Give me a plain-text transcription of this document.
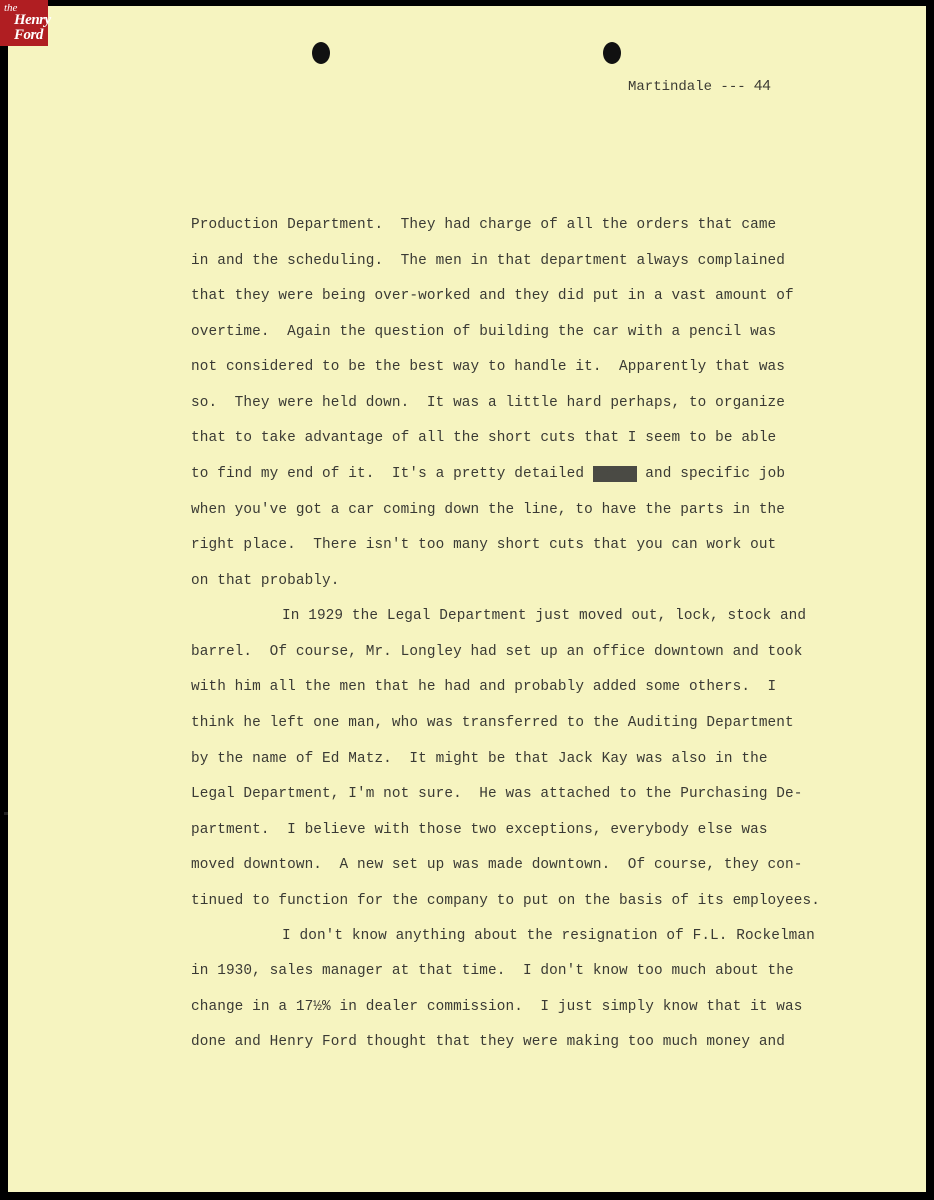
the
Henry
Ford
Martindale --- 44
Production Department.  They had charge of all the orders that came
in and the scheduling.  The men in that department always complained
that they were being over-worked and they did put in a vast amount of
overtime.  Again the question of building the car with a pencil was
not considered to be the best way to handle it.  Apparently that was
so.  They were held down.  It was a little hard perhaps, to organize
that to take advantage of all the short cuts that I seem to be able
to find my end of it.  It's a pretty detailed mdmdd and specific job
when you've got a car coming down the line, to have the parts in the
right place.  There isn't too many short cuts that you can work out
on that probably.
In 1929 the Legal Department just moved out, lock, stock and
barrel.  Of course, Mr. Longley had set up an office downtown and took
with him all the men that he had and probably added some others.  I
think he left one man, who was transferred to the Auditing Department
by the name of Ed Matz.  It might be that Jack Kay was also in the
Legal Department, I'm not sure.  He was attached to the Purchasing De-
partment.  I believe with those two exceptions, everybody else was
moved downtown.  A new set up was made downtown.  Of course, they con-
tinued to function for the company to put on the basis of its employees.
I don't know anything about the resignation of F.L. Rockelman
in 1930, sales manager at that time.  I don't know too much about the
change in a 17½% in dealer commission.  I just simply know that it was
done and Henry Ford thought that they were making too much money and
